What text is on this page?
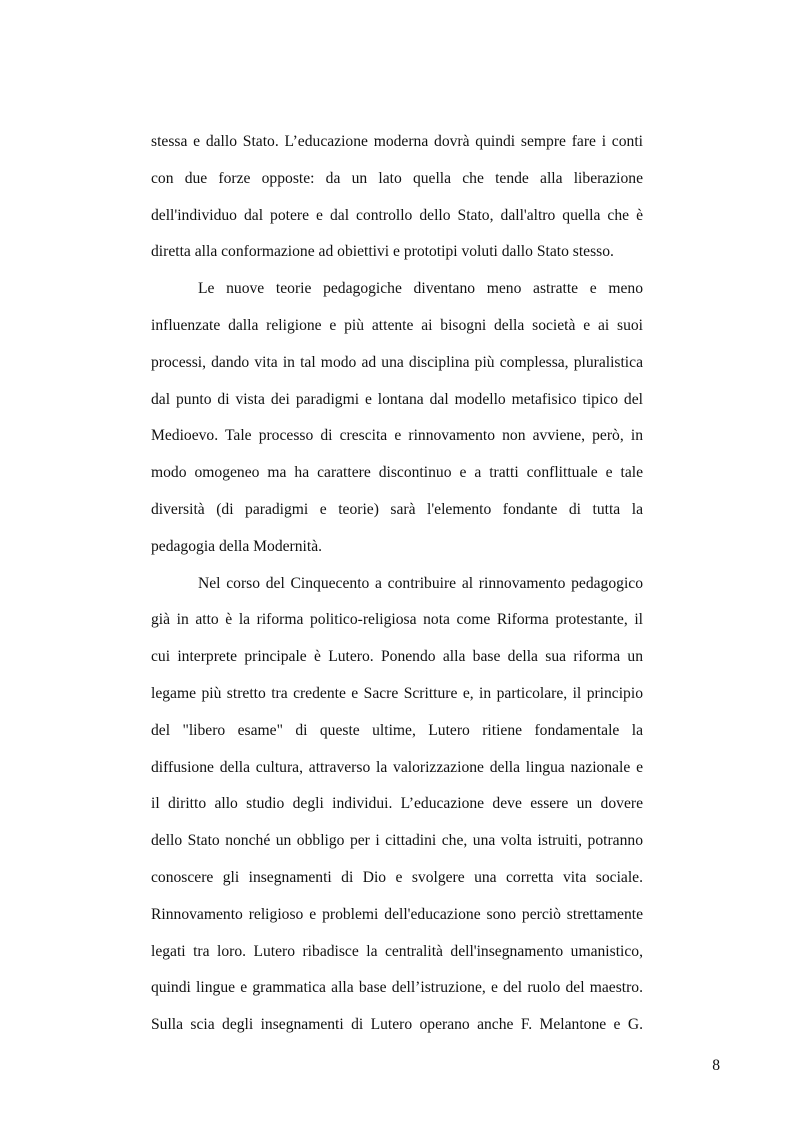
stessa e dallo Stato. L’educazione moderna dovrà quindi sempre fare i conti
con due forze opposte: da un lato quella che tende alla liberazione
dell'individuo dal potere e dal controllo dello Stato, dall'altro quella che è
diretta alla conformazione ad obiettivi e prototipi voluti dallo Stato stesso.
Le nuove teorie pedagogiche diventano meno astratte e meno
influenzate dalla religione e più attente ai bisogni della società e ai suoi
processi, dando vita in tal modo ad una disciplina più complessa, pluralistica
dal punto di vista dei paradigmi e lontana dal modello metafisico tipico del
Medioevo. Tale processo di crescita e rinnovamento non avviene, però, in
modo omogeneo ma ha carattere discontinuo e a tratti conflittuale e tale
diversità (di paradigmi e teorie) sarà l'elemento fondante di tutta la
pedagogia della Modernità.
Nel corso del Cinquecento a contribuire al rinnovamento pedagogico
già in atto è la riforma politico-religiosa nota come Riforma protestante, il
cui interprete principale è Lutero. Ponendo alla base della sua riforma un
legame più stretto tra credente e Sacre Scritture e, in particolare, il principio
del "libero esame" di queste ultime, Lutero ritiene fondamentale la
diffusione della cultura, attraverso la valorizzazione della lingua nazionale e
il diritto allo studio degli individui. L’educazione deve essere un dovere
dello Stato nonché un obbligo per i cittadini che, una volta istruiti, potranno
conoscere gli insegnamenti di Dio e svolgere una corretta vita sociale.
Rinnovamento religioso e problemi dell'educazione sono perciò strettamente
legati tra loro. Lutero ribadisce la centralità dell'insegnamento umanistico,
quindi lingue e grammatica alla base dell’istruzione, e del ruolo del maestro.
Sulla scia degli insegnamenti di Lutero operano anche F. Melantone e G.
8
